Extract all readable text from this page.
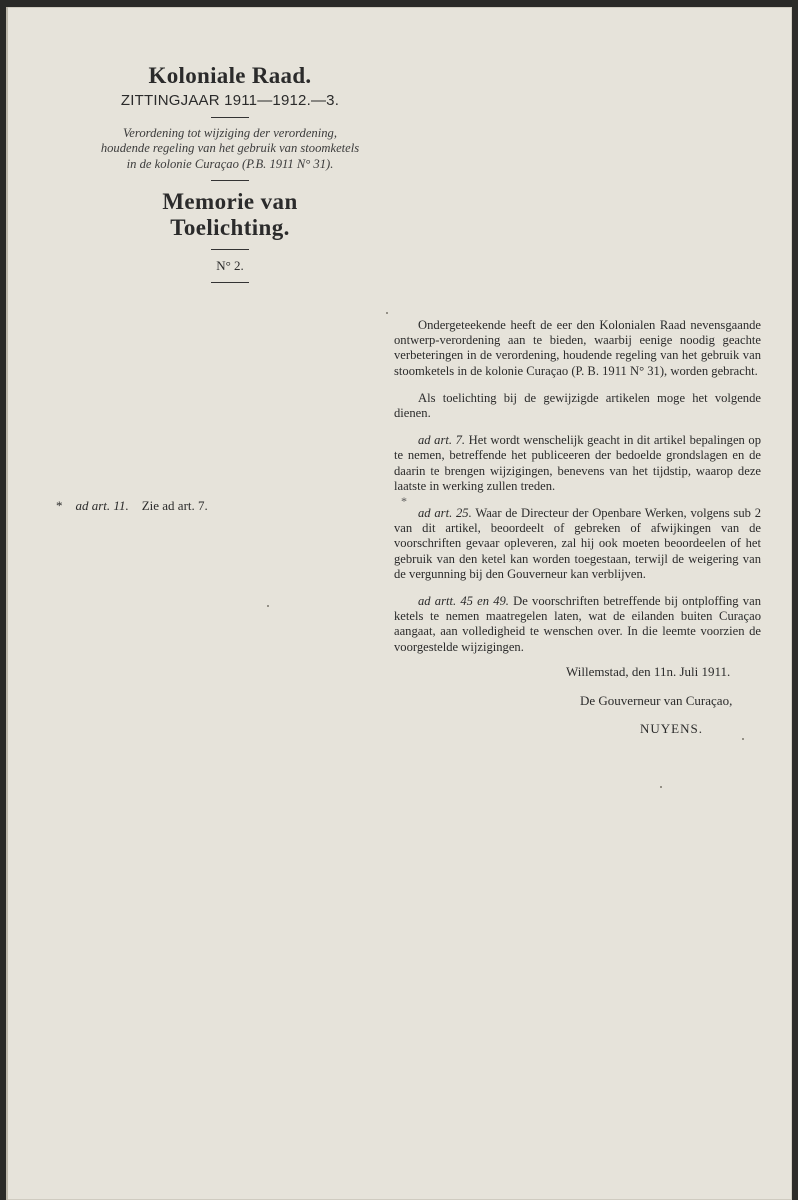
Koloniale Raad.
ZITTINGJAAR 1911—1912.—3.
Verordening tot wijziging der verordening, houdende regeling van het gebruik van stoomketels in de kolonie Curaçao (P.B. 1911 N° 31).
Memorie van Toelichting.
N° 2.
* ad art. 11. Zie ad art. 7.

Ondergeteekende heeft de eer den Kolonialen Raad nevensgaande ontwerp-verordening aan te bieden, waarbij eenige noodig geachte verbeteringen in de verordening, houdende regeling van het gebruik van stoomketels in de kolonie Curaçao (P. B. 1911 N° 31), worden gebracht.

Als toelichting bij de gewijzigde artikelen moge het volgende dienen.

ad art. 7. Het wordt wenschelijk geacht in dit artikel bepalingen op te nemen, betreffende het publiceeren der bedoelde grondslagen en de daarin te brengen wijzigingen, benevens van het tijdstip, waarop deze laatste in werking zullen treden.

ad art. 25. Waar de Directeur der Openbare Werken, volgens sub 2 van dit artikel, beoordeelt of gebreken of afwijkingen van de voorschriften gevaar opleveren, zal hij ook moeten beoordeelen of het gebruik van den ketel kan worden toegestaan, terwijl de weigering van de vergunning bij den Gouverneur kan verblijven.

ad artt. 45 en 49. De voorschriften betreffende bij ontploffing van ketels te nemen maatregelen laten, wat de eilanden buiten Curaçao aangaat, aan volledigheid te wenschen over. In die leemte voorzien de voorgestelde wijzigingen.

*
Willemstad, den 11n. Juli 1911.
De Gouverneur van Curaçao,
NUYENS.
